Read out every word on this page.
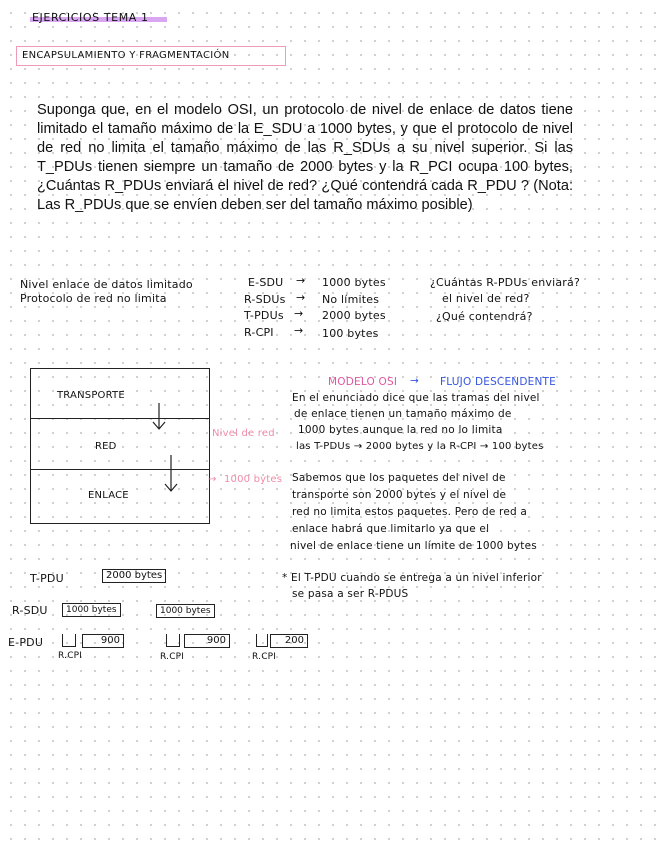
EJERCICIOS TEMA 1
ENCAPSULAMIENTO Y FRAGMENTACIÓN
Suponga que, en el modelo OSI, un protocolo de nivel de enlace de datos tiene limitado el tamaño máximo de la E_SDU a 1000 bytes, y que el protocolo de nivel de red no limita el tamaño máximo de las R_SDUs a su nivel superior. Si las T_PDUs tienen siempre un tamaño de 2000 bytes y la R_PCI ocupa 100 bytes, ¿Cuántas R_PDUs enviará el nivel de red? ¿Qué contendrá cada R_PDU ? (Nota: Las R_PDUs que se envíen deben ser del tamaño máximo posible)
Nivel enlace de datos limitado
Protocolo de red no limita
E-SDU → 1000 bytes
R-SDUs → No límites
T-PDUs → 2000 bytes
R-CPI → 100 bytes
¿Cuántas R-PDUs enviará?
el nivel de red?
¿Qué contendrá?
TRANSPORTE
RED
ENLACE
Nivel de red
→ 1000 bytes
MODELO OSI → FLUJO DESCENDENTE
En el enunciado dice que las tramas del nivel
de enlace tienen un tamaño máximo de
1000 bytes aunque la red no lo limita
las T-PDUs → 2000 bytes y la R-CPI → 100 bytes
Sabemos que los paquetes del nivel de
transporte son 2000 bytes y el nivel de
red no limita estos paquetes. Pero de red a
enlace habrá que limitarlo ya que el
nivel de enlace tiene un límite de 1000 bytes
* El T-PDU cuando se entrega a un nivel inferior
se pasa a ser R-PDUS
T-PDU	2000 bytes
R-SDU	1000 bytes	1000 bytes
E-PDU	900	900	200
R.CPI	R.CPI	R.CPI
